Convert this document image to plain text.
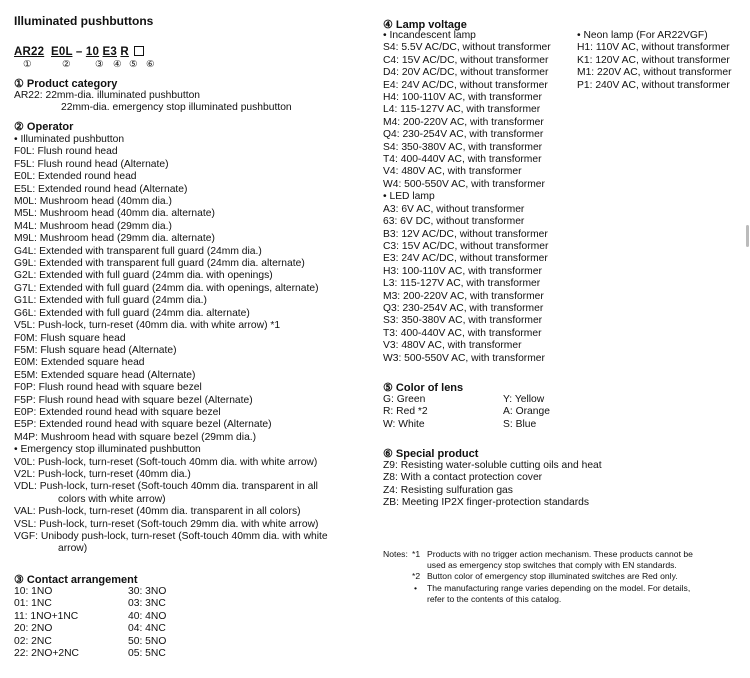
Illuminated pushbuttons
AR22 E0L – 10 E3 R
①	②	③ ④ ⑤ ⑥
① Product category
AR22: 22mm-dia. illuminated pushbutton
22mm-dia. emergency stop illuminated pushbutton
② Operator
• Illuminated pushbutton
F0L: Flush round head
F5L: Flush round head (Alternate)
E0L: Extended round head
E5L: Extended round head (Alternate)
M0L: Mushroom head (40mm dia.)
M5L: Mushroom head (40mm dia. alternate)
M4L: Mushroom head (29mm dia.)
M9L: Mushroom head (29mm dia. alternate)
G4L: Extended with transparent full guard (24mm dia.)
G9L: Extended with transparent full guard (24mm dia. alternate)
G2L: Extended with full guard (24mm dia. with openings)
G7L: Extended with full guard (24mm dia. with openings, alternate)
G1L: Extended with full guard (24mm dia.)
G6L: Extended with full guard (24mm dia. alternate)
V5L: Push-lock, turn-reset (40mm dia. with white arrow) *1
F0M: Flush square head
F5M: Flush square head (Alternate)
E0M: Extended square head
E5M: Extended square head (Alternate)
F0P: Flush round head with square bezel
F5P: Flush round head with square bezel (Alternate)
E0P: Extended round head with square bezel
E5P: Extended round head with square bezel (Alternate)
M4P: Mushroom head with square bezel (29mm dia.)
• Emergency stop illuminated pushbutton
V0L: Push-lock, turn-reset (Soft-touch 40mm dia. with white arrow)
V2L: Push-lock, turn-reset (40mm dia.)
VDL: Push-lock, turn-reset (Soft-touch 40mm dia. transparent in all
colors with white arrow)
VAL: Push-lock, turn-reset (40mm dia. transparent in all colors)
VSL: Push-lock, turn-reset (Soft-touch 29mm dia. with white arrow)
VGF: Unibody push-lock, turn-reset (Soft-touch 40mm dia. with white
arrow)
③ Contact arrangement
10: 1NO
01: 1NC
11: 1NO+1NC
20: 2NO
02: 2NC
22: 2NO+2NC
30: 3NO
03: 3NC
40: 4NO
04: 4NC
50: 5NO
05: 5NC
④ Lamp voltage
• Incandescent lamp
S4: 5.5V AC/DC, without transformer
C4: 15V AC/DC, without transformer
D4: 20V AC/DC, without transformer
E4: 24V AC/DC, without transformer
H4: 100-110V AC, with transformer
L4: 115-127V AC, with transformer
M4: 200-220V AC, with transformer
Q4: 230-254V AC, with transformer
S4: 350-380V AC, with transformer
T4: 400-440V AC, with transformer
V4: 480V AC, with transformer
W4: 500-550V AC, with transformer
• LED lamp
A3: 6V AC, without transformer
63: 6V DC, without transformer
B3: 12V AC/DC, without transformer
C3: 15V AC/DC, without transformer
E3: 24V AC/DC, without transformer
H3: 100-110V AC, with transformer
L3: 115-127V AC, with transformer
M3: 200-220V AC, with transformer
Q3: 230-254V AC, with transformer
S3: 350-380V AC, with transformer
T3: 400-440V AC, with transformer
V3: 480V AC, with transformer
W3: 500-550V AC, with transformer
• Neon lamp (For AR22VGF)
H1: 110V AC, without transformer
K1: 120V AC, without transformer
M1: 220V AC, without transformer
P1: 240V AC, without transformer
⑤ Color of lens
G: Green
R: Red *2
W: White
Y: Yellow
A: Orange
S: Blue
⑥ Special product
Z9: Resisting water-soluble cutting oils and heat
Z8: With a contact protection cover
Z4: Resisting sulfuration gas
ZB: Meeting IP2X finger-protection standards
Notes: *1 Products with no trigger action mechanism. These products cannot be
used as emergency stop switches that comply with EN standards.
*2 Button color of emergency stop illuminated switches are Red only.
• The manufacturing range varies depending on the model. For details,
refer to the contents of this catalog.
